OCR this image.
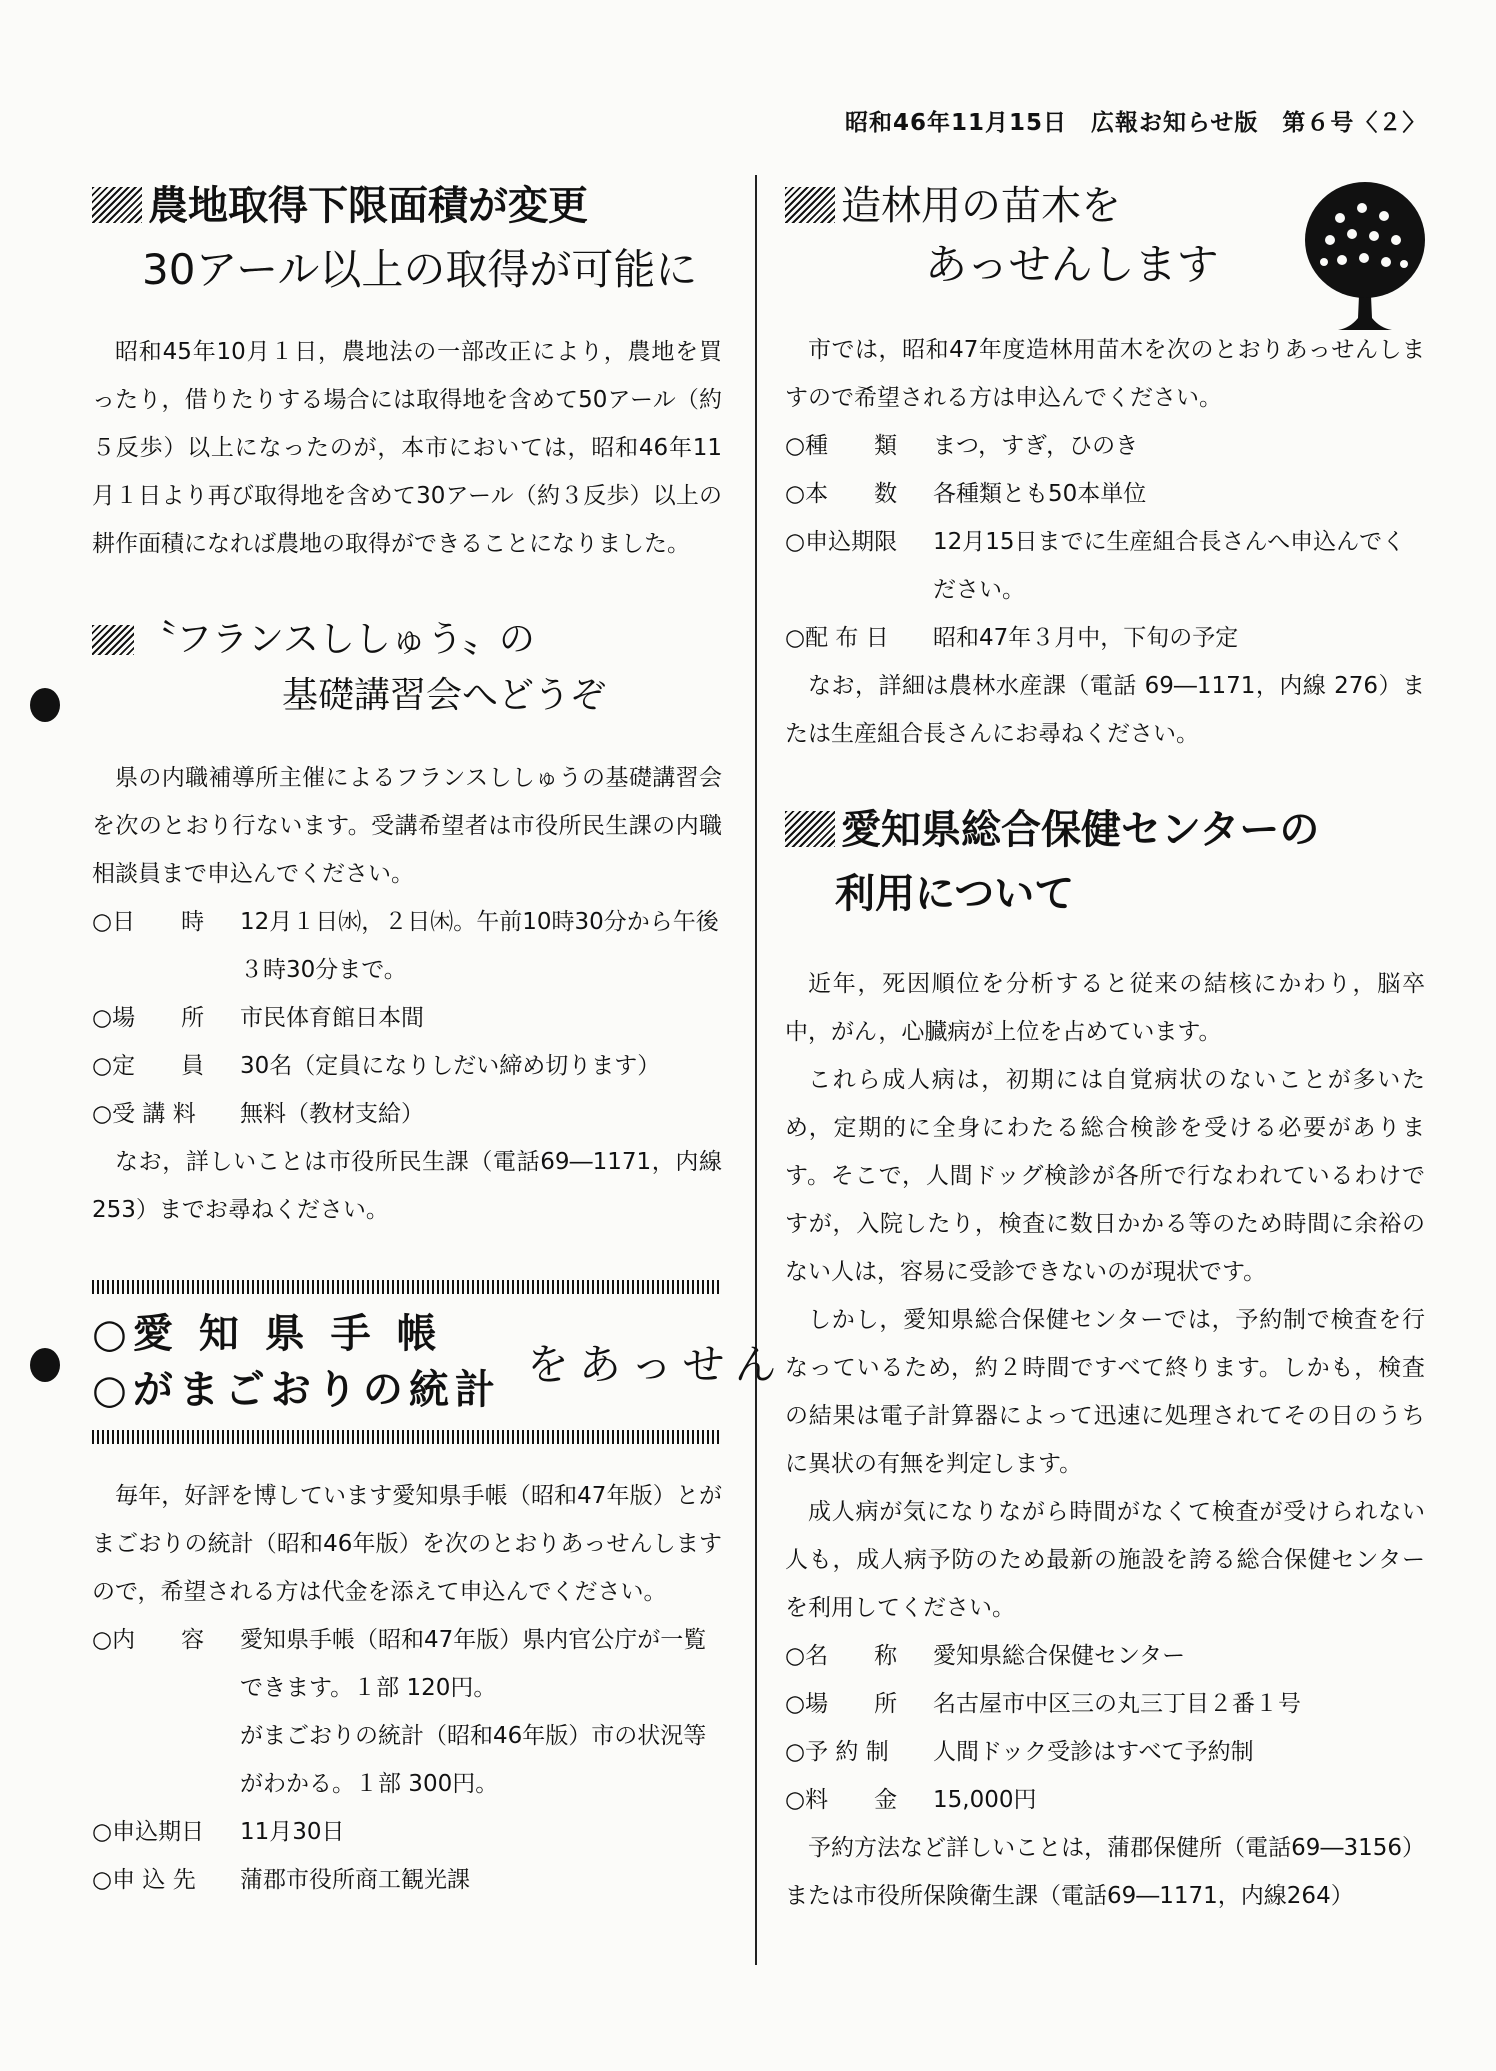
昭和46年11月15日　広報お知らせ版　第６号〈２〉
農地取得下限面積が変更
30アール以上の取得が可能に
昭和45年10月１日，農地法の一部改正により，農地を買ったり，借りたりする場合には取得地を含めて50アール（約５反歩）以上になったのが，本市においては，昭和46年11月１日より再び取得地を含めて30アール（約３反歩）以上の耕作面積になれば農地の取得ができることになりました。
〝フランスししゅう〟の
基礎講習会へどうぞ
県の内職補導所主催によるフランスししゅうの基礎講習会を次のとおり行ないます。受講希望者は市役所民生課の内職相談員まで申込んでください。
○日　　時	12月１日㈬，２日㈭。午前10時30分から午後３時30分まで。
○場　　所	市民体育館日本間
○定　　員	30名（定員になりしだい締め切ります）
○受 講 料	無料（教材支給）
なお，詳しいことは市役所民生課（電話69―1171，内線 253）までお尋ねください。
○愛 知 県 手 帳
○がまごおりの統計
をあっせん
毎年，好評を博しています愛知県手帳（昭和47年版）とがまごおりの統計（昭和46年版）を次のとおりあっせんしますので，希望される方は代金を添えて申込んでください。
○内　　容	愛知県手帳（昭和47年版）県内官公庁が一覧できます。１部 120円。
がまごおりの統計（昭和46年版）市の状況等がわかる。１部 300円。
○申込期日	11月30日
○申 込 先	蒲郡市役所商工観光課
造林用の苗木を
あっせんします
市では，昭和47年度造林用苗木を次のとおりあっせんしますので希望される方は申込んでください。
○種　　類	まつ，すぎ，ひのき
○本　　数	各種類とも50本単位
○申込期限	12月15日までに生産組合長さんへ申込んでください。
○配 布 日	昭和47年３月中，下旬の予定
なお，詳細は農林水産課（電話 69―1171，内線 276）または生産組合長さんにお尋ねください。
愛知県総合保健センターの
利用について
近年，死因順位を分析すると従来の結核にかわり，脳卒中，がん，心臓病が上位を占めています。
これら成人病は，初期には自覚病状のないことが多いため，定期的に全身にわたる総合検診を受ける必要があります。そこで，人間ドッグ検診が各所で行なわれているわけですが，入院したり，検査に数日かかる等のため時間に余裕のない人は，容易に受診できないのが現状です。
しかし，愛知県総合保健センターでは，予約制で検査を行なっているため，約２時間ですべて終ります。しかも，検査の結果は電子計算器によって迅速に処理されてその日のうちに異状の有無を判定します。
成人病が気になりながら時間がなくて検査が受けられない人も，成人病予防のため最新の施設を誇る総合保健センターを利用してください。
○名　　称	愛知県総合保健センター
○場　　所	名古屋市中区三の丸三丁目２番１号
○予 約 制	人間ドック受診はすべて予約制
○料　　金	15,000円
予約方法など詳しいことは，蒲郡保健所（電話69―3156）または市役所保険衛生課（電話69―1171，内線264）
